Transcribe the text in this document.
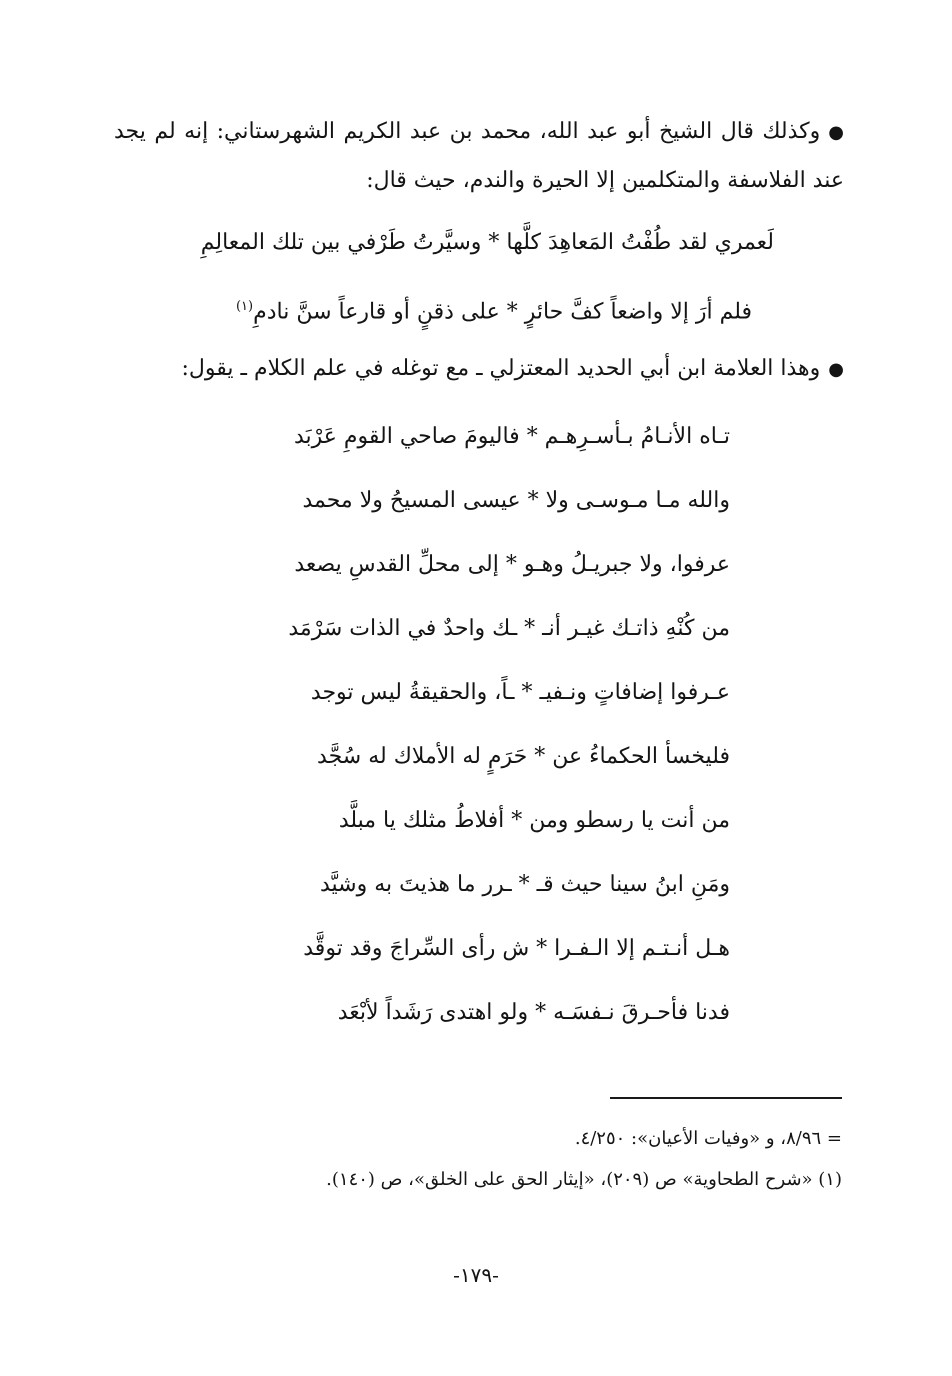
●وكذلك قال الشيخ أبو عبد الله، محمد بن عبد الكريم الشهرستاني: إنه لم يجد عند الفلاسفة والمتكلمين إلا الحيرة والندم، حيث قال:

لَعمري لقد طُفْتُ المَعاهِدَ كلَّها * وسيَّرتُ طَرْفي بين تلك المعالِمِ

فلم أرَ إلا واضعاً كفَّ حائرٍ * على ذقنٍ أو قارعاً سنَّ نادمِ$^{(١)}$

●وهذا العلامة ابن أبي الحديد المعتزلي ـ مع توغله في علم الكلام ـ يقول:

تـاه الأنـامُ بـأسـرِهـم * فاليومَ صاحي القومِ عَرْبَد

والله مـا مـوسـى ولا * عيسى المسيحُ ولا محمد

عرفوا، ولا جبريـلُ وهـو * إلى محلِّ القدسِ يصعد

من كُنْهِ ذاتـك غيـر أنـ * ـك واحدٌ في الذات سَرْمَد

عـرفوا إضافاتٍ ونـفيـ * ـاً، والحقيقةُ ليس توجد

فليخسأ الحكماءُ عن * حَرَمٍ له الأملاك له سُجَّد

من أنت يا رسطو ومن * أفلاطُ مثلك يا مبلَّد

ومَنِ ابنُ سينا حيث قـ * ـرر ما هذيتَ به وشيَّد

هـل أنـتـم إلا الـفـرا * ش رأى السِّراجَ وقد توقَّد

فدنا فأحـرقَ نـفسَـه * ولو اهتدى رَشَداً لأبْعَد

= ٨/٩٦، و «وفيات الأعيان»: ٤/٢٥٠.

(١) «شرح الطحاوية» ص (٢٠٩)، «إيثار الحق على الخلق»، ص (١٤٠).

-١٧٩-
